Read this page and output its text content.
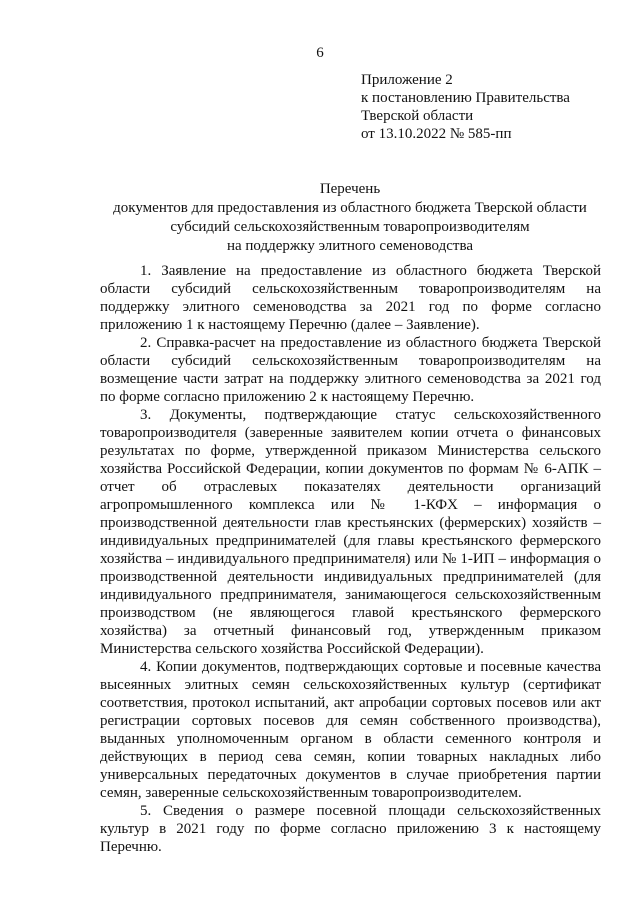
6
Приложение 2
к постановлению Правительства
Тверской области
от 13.10.2022 № 585-пп
Перечень
документов для предоставления из областного бюджета Тверской области
субсидий сельскохозяйственным товаропроизводителям
на поддержку элитного семеноводства

1. Заявление на предоставление из областного бюджета Тверской области субсидий сельскохозяйственным товаропроизводителям на поддержку элитного семеноводства за 2021 год по форме согласно приложению 1 к настоящему Перечню (далее – Заявление).

2. Справка-расчет на предоставление из областного бюджета Тверской области субсидий сельскохозяйственным товаропроизводителям на возмещение части затрат на поддержку элитного семеноводства за 2021 год по форме согласно приложению 2 к настоящему Перечню.

3. Документы, подтверждающие статус сельскохозяйственного товаропроизводителя (заверенные заявителем копии отчета о финансовых результатах по форме, утвержденной приказом Министерства сельского хозяйства Российской Федерации, копии документов по формам № 6-АПК – отчет об отраслевых показателях деятельности организаций агропромышленного комплекса или № 1-КФХ – информация о производственной деятельности глав крестьянских (фермерских) хозяйств – индивидуальных предпринимателей (для главы крестьянского фермерского хозяйства – индивидуального предпринимателя) или № 1-ИП – информация о производственной деятельности индивидуальных предпринимателей (для индивидуального предпринимателя, занимающегося сельскохозяйственным производством (не являющегося главой крестьянского фермерского хозяйства) за отчетный финансовый год, утвержденным приказом Министерства сельского хозяйства Российской Федерации).

4. Копии документов, подтверждающих сортовые и посевные качества высеянных элитных семян сельскохозяйственных культур (сертификат соответствия, протокол испытаний, акт апробации сортовых посевов или акт регистрации сортовых посевов для семян собственного производства), выданных уполномоченным органом в области семенного контроля и действующих в период сева семян, копии товарных накладных либо универсальных передаточных документов в случае приобретения партии семян, заверенные сельскохозяйственным товаропроизводителем.

5. Сведения о размере посевной площади сельскохозяйственных культур в 2021 году по форме согласно приложению 3 к настоящему Перечню.
